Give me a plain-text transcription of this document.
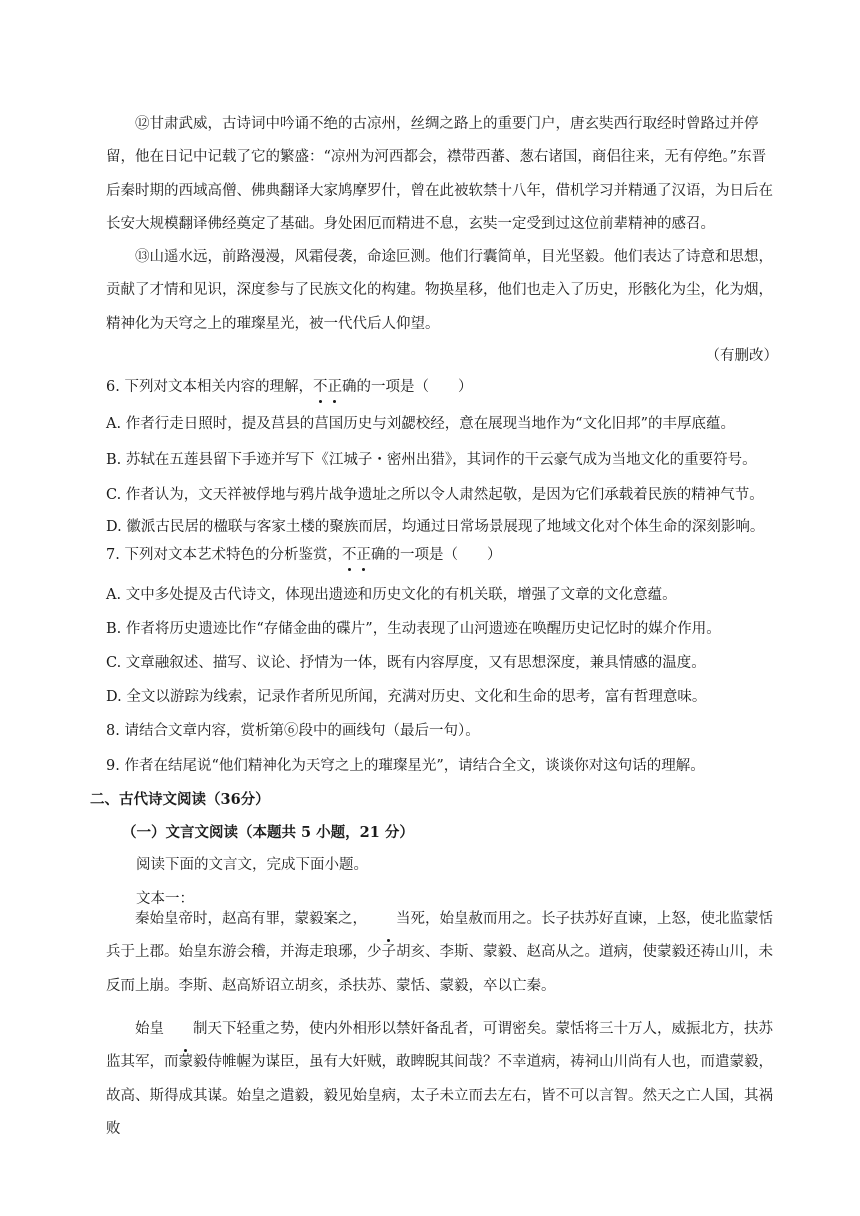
⑫甘肃武威，古诗词中吟诵不绝的古凉州，丝绸之路上的重要门户，唐玄奘西行取经时曾路过并停留，他在日记中记载了它的繁盛：“凉州为河西都会，襟带西蕃、葱右诸国，商侣往来，无有停绝。”东晋后秦时期的西域高僧、佛典翻译大家鸠摩罗什，曾在此被软禁十八年，借机学习并精通了汉语，为日后在长安大规模翻译佛经奠定了基础。身处困厄而精进不息，玄奘一定受到过这位前辈精神的感召。

⑬山遥水远，前路漫漫，风霜侵袭，命途叵测。他们行囊简单，目光坚毅。他们表达了诗意和思想，贡献了才情和见识，深度参与了民族文化的构建。物换星移，他们也走入了历史，形骸化为尘，化为烟，精神化为天穹之上的璀璨星光，被一代代后人仰望。

（有删改）
6. 下列对文本相关内容的理解，不正确的一项是（　　）
A. 作者行走日照时，提及莒县的莒国历史与刘勰校经，意在展现当地作为“文化旧邦”的丰厚底蕴。
B. 苏轼在五莲县留下手迹并写下《江城子・密州出猎》，其词作的干云豪气成为当地文化的重要符号。
C. 作者认为，文天祥被俘地与鸦片战争遗址之所以令人肃然起敬，是因为它们承载着民族的精神气节。
D. 徽派古民居的楹联与客家土楼的聚族而居，均通过日常场景展现了地域文化对个体生命的深刻影响。
7. 下列对文本艺术特色的分析鉴赏，不正确的一项是（　　）
A. 文中多处提及古代诗文，体现出遗迹和历史文化的有机关联，增强了文章的文化意蕴。
B. 作者将历史遗迹比作“存储金曲的碟片”，生动表现了山河遗迹在唤醒历史记忆时的媒介作用。
C. 文章融叙述、描写、议论、抒情为一体，既有内容厚度，又有思想深度，兼具情感的温度。
D. 全文以游踪为线索，记录作者所见所闻，充满对历史、文化和生命的思考，富有哲理意味。
8. 请结合文章内容，赏析第⑥段中的画线句（最后一句）。
9. 作者在结尾说“他们精神化为天穹之上的璀璨星光”，请结合全文，谈谈你对这句话的理解。
二、古代诗文阅读（36分）
（一）文言文阅读（本题共 5 小题，21 分）
阅读下面的文言文，完成下面小题。
文本一：

秦始皇帝时，赵高有罪，蒙毅案之， 当死，始皇赦而用之。长子扶苏好直谏，上怒，使北监蒙恬兵于上郡。始皇东游会稽，并海走琅琊，少子胡亥、李斯、蒙毅、赵高从之。道病，使蒙毅还祷山川，未反而上崩。李斯、赵高矫诏立胡亥，杀扶苏、蒙恬、蒙毅，卒以亡秦。

始皇 制天下轻重之势，使内外相形以禁奸备乱者，可谓密矣。蒙恬将三十万人，威振北方，扶苏监其军，而蒙毅侍帷幄为谋臣，虽有大奸贼，敢睥睨其间哉？不幸道病，祷祠山川尚有人也，而遣蒙毅，故高、斯得成其谋。始皇之遣毅，毅见始皇病，太子未立而去左右，皆不可以言智。然天之亡人国，其祸败
